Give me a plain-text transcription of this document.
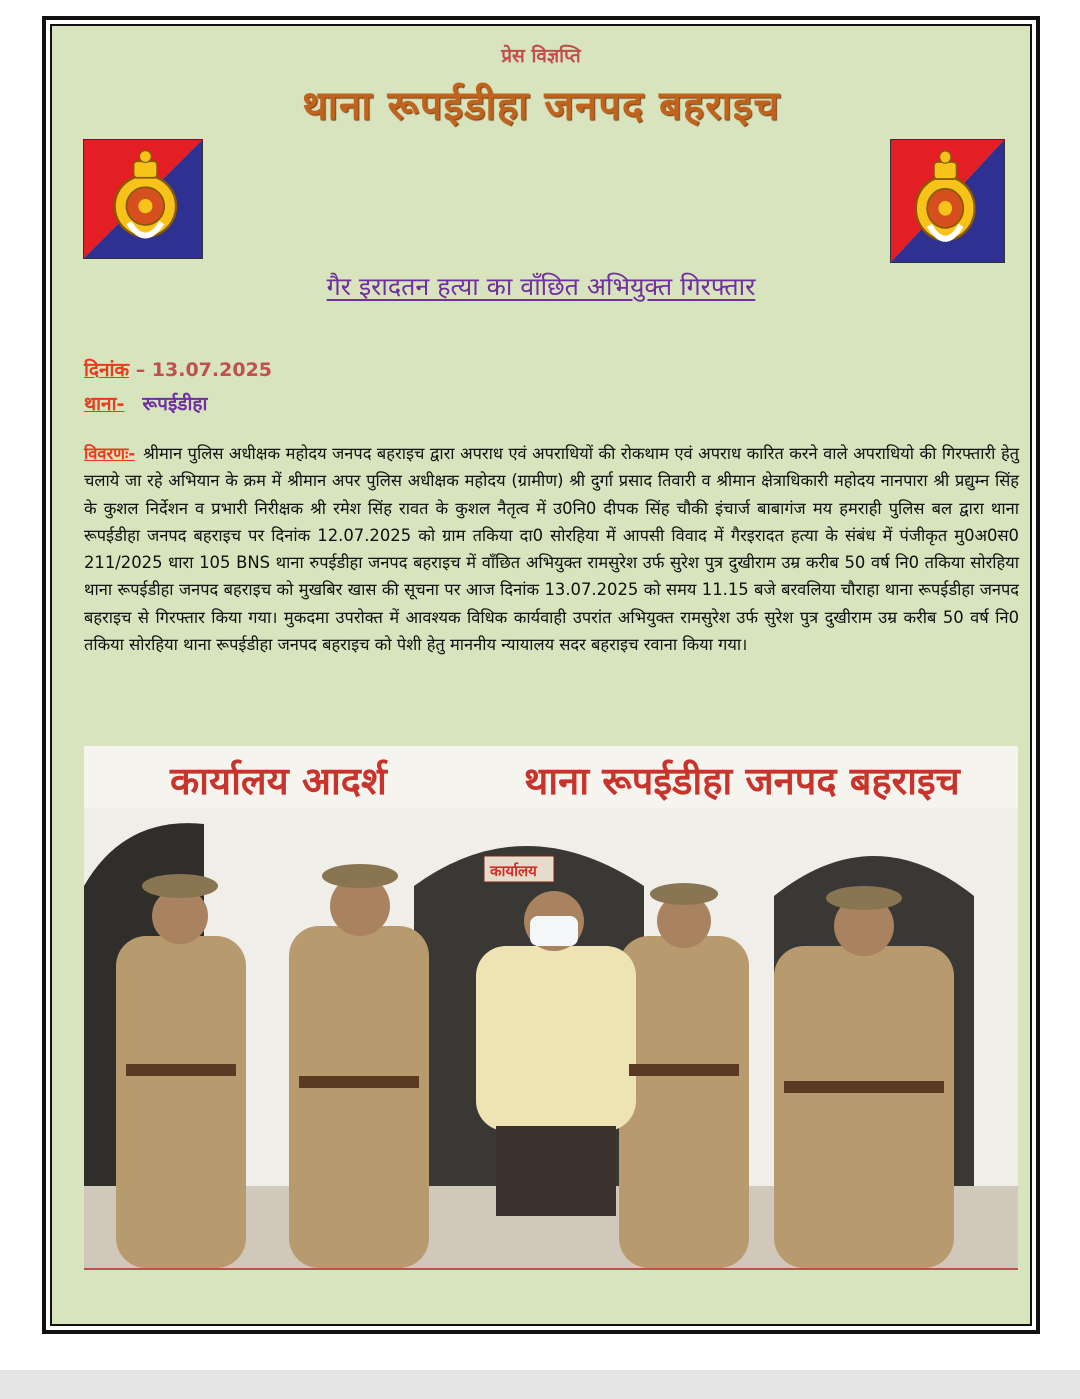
प्रेस विज्ञप्ति
थाना रूपईडीहा जनपद बहराइच
गैर इरादतन हत्या का वाँछित अभियुक्त गिरफ्तार
दिनांक – 13.07.2025
थाना- रूपईडीहा
विवरणः- श्रीमान पुलिस अधीक्षक महोदय जनपद बहराइच द्वारा अपराध एवं अपराधियों की रोकथाम एवं अपराध कारित करने वाले अपराधियो की गिरफ्तारी हेतु चलाये जा रहे अभियान के क्रम में श्रीमान अपर पुलिस अधीक्षक महोदय (ग्रामीण) श्री दुर्गा प्रसाद तिवारी व श्रीमान क्षेत्राधिकारी महोदय नानपारा श्री प्रद्युम्न सिंह के कुशल निर्देशन व प्रभारी निरीक्षक श्री रमेश सिंह रावत के कुशल नैतृत्व में उ0नि0 दीपक सिंह चौकी इंचार्ज बाबागंज मय हमराही पुलिस बल द्वारा थाना रूपईडीहा जनपद बहराइच पर दिनांक 12.07.2025 को ग्राम तकिया दा0 सोरहिया में आपसी विवाद में गैरइरादत हत्या के संबंध में पंजीकृत मु0अ0स0 211/2025 धारा 105 BNS थाना रुपईडीहा जनपद बहराइच में वाँछित अभियुक्त रामसुरेश उर्फ सुरेश पुत्र दुखीराम उम्र करीब 50 वर्ष नि0 तकिया सोरहिया थाना रूपईडीहा जनपद बहराइच को मुखबिर खास की सूचना पर आज दिनांक 13.07.2025 को समय 11.15 बजे बरवलिया चौराहा थाना रूपईडीहा जनपद बहराइच से गिरफ्तार किया गया। मुकदमा उपरोक्त में आवश्यक विधिक कार्यवाही उपरांत अभियुक्त रामसुरेश उर्फ सुरेश पुत्र दुखीराम उम्र करीब 50 वर्ष नि0 तकिया सोरहिया थाना रूपईडीहा जनपद बहराइच को पेशी हेतु माननीय न्यायालय सदर बहराइच रवाना किया गया।
कार्यालय आदर्श	थाना रूपईडीहा जनपद बहराइच
कार्यालय
